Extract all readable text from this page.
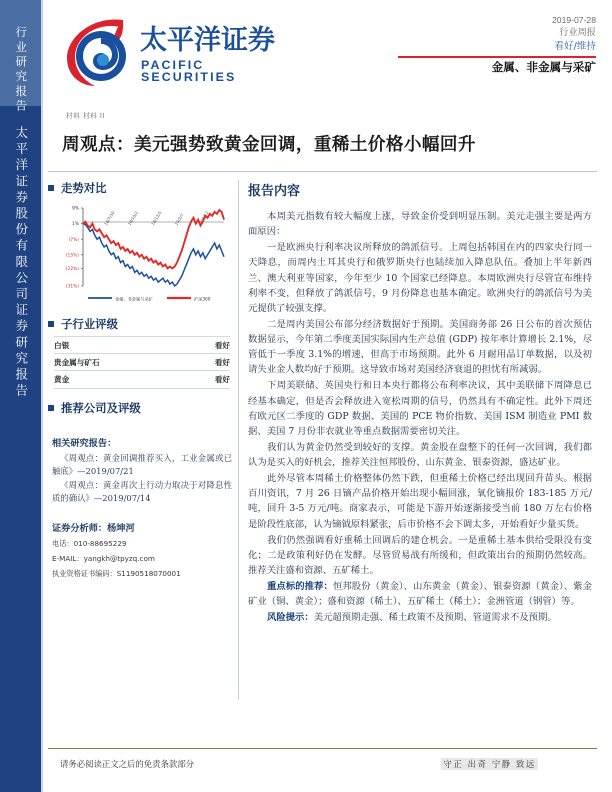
行业研究报告
太平洋证券股份有限公司证券研究报告
太平洋证券
PACIFIC SECURITIES
2019-07-28
行业周报
看好/维持
金属、非金属与采矿
材料 材料 II
周观点：美元强势致黄金回调，重稀土价格小幅回升
走势对比
9%
1%
(7%)
(15%)
(22%)
(31%)
18/7/30	18/10/2	18/12/5	19/2/7	19/4/12
金属、非金属与采矿	沪深300
子行业评级
白银	看好
贵金属与矿石	看好
黄金	看好
推荐公司及评级
相关研究报告：
《周观点：黄金回调推荐买入，工业金属或已触底》—2019/07/21
《周观点：黄金再次上行动力取决于对降息性质的确认》—2019/07/14
证券分析师：杨坤河
电话：010-88695229
E-MAIL：yangkh@tpyzq.com
执业资格证书编码：S1190518070001
报告内容
本周美元指数有较大幅度上涨，导致金价受到明显压制。美元走强主要是两方面原因：
一是欧洲央行利率决议所释放的鸽派信号。上周包括韩国在内的四家央行同一天降息，而周内土耳其央行和俄罗斯央行也陆续加入降息队伍。叠加上半年新西兰、澳大利亚等国家，今年至少 10 个国家已经降息。本周欧洲央行尽管宣布维持利率不变，但释放了鸽派信号，9 月份降息也基本确定。欧洲央行的鸽派信号为美元提供了较强支撑。
二是周内美国公布部分经济数据好于预期。美国商务部 26 日公布的首次预估数据显示，今年第二季度美国实际国内生产总值 (GDP) 按年率计算增长 2.1%，尽管低于一季度 3.1%的增速，但高于市场预期。此外 6 月耐用品订单数据，以及初请失业金人数均好于预期。这导致市场对美国经济衰退的担忧有所减弱。
下周美联储、英国央行和日本央行都将公布利率决议，其中美联储下周降息已经基本确定，但是否会释放进入宽松周期的信号，仍然具有不确定性。此外下周还有欧元区二季度的 GDP 数据、美国的 PCE 物价指数、美国 ISM 制造业 PMI 数据、美国 7 月份非农就业等重点数据需要密切关注。
我们认为黄金仍然受到较好的支撑。黄金股在盘整下的任何一次回调，我们都认为是买入的好机会，推荐关注恒邦股份、山东黄金、银泰资源，盛达矿业。
此外尽管本周稀土价格整体仍然下跌，但重稀土价格已经出现回升苗头。根据百川资讯，7 月 26 日镝产品价格开始出现小幅回涨，氧化镝报价 183-185 万元/吨，回升 3-5 万元/吨。商家表示，可能是下游开始逐渐接受当前 180 万左右价格是阶段性底部，认为镝钺原料紧张，后市价格不会下调太多，开始看好少量买货。
我们仍然强调看好重稀土回调后的建仓机会。一是重稀土基本供给受限没有变化；二是政策利好仍在发酵。尽管贸易战有所缓和，但政策出台的预期仍然较高。推荐关注盛和资源、五矿稀土。
重点标的推荐：恒邦股份（黄金）、山东黄金（黄金）、银泰资源（黄金）、紫金矿业（铜、黄金）；盛和资源（稀土）、五矿稀土（稀土）；金洲管道（钢管）等。
风险提示：美元超预期走强、稀土政策不及预期、管道需求不及预期。
请务必阅读正文之后的免责条款部分	守正 出奇 宁静 致远
